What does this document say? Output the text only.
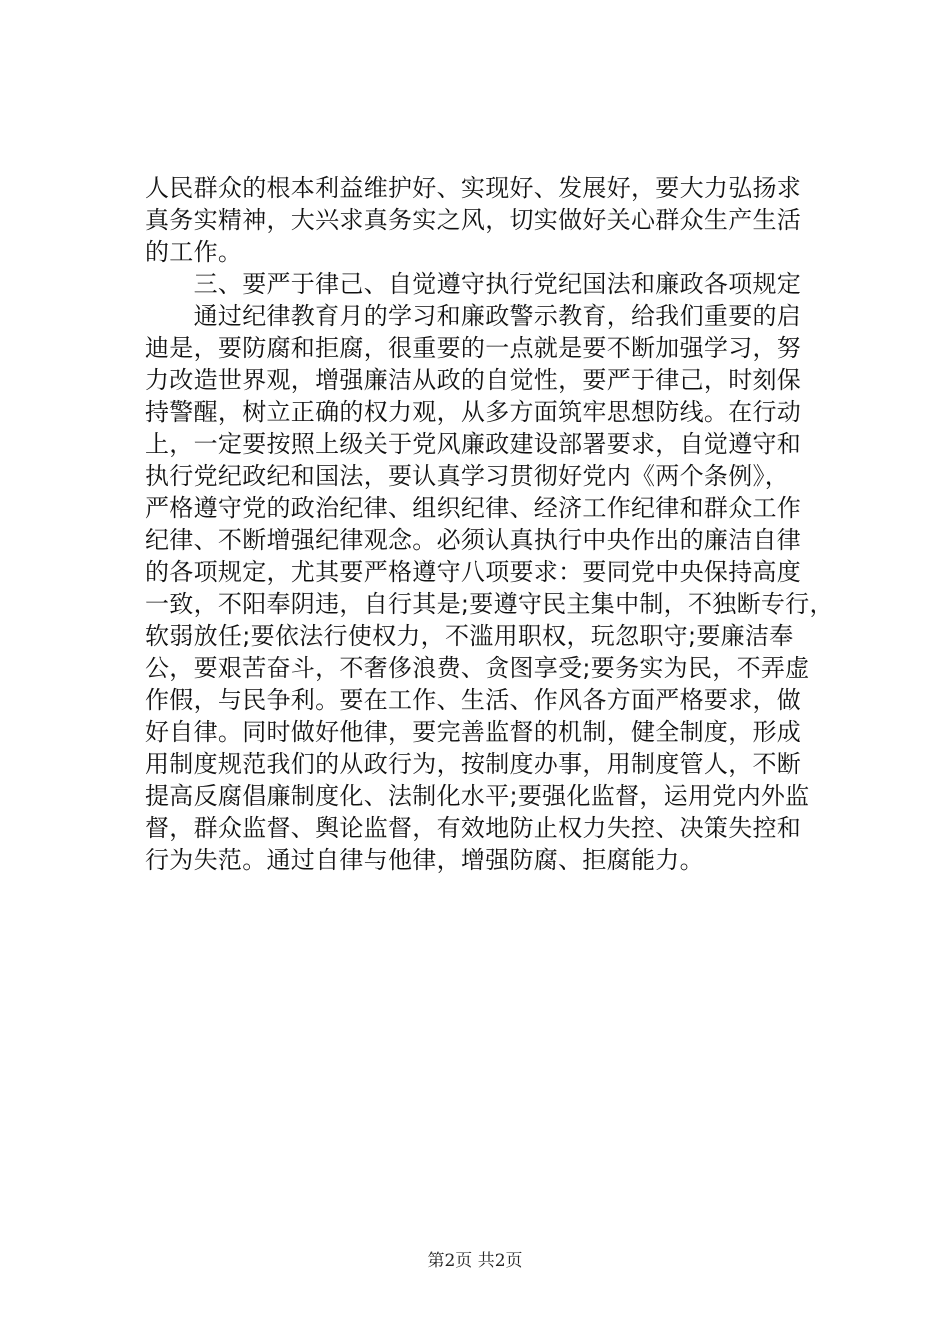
人民群众的根本利益维护好、实现好、发展好，要大力弘扬求
真务实精神，大兴求真务实之风，切实做好关心群众生产生活
的工作。
　　三、要严于律己、自觉遵守执行党纪国法和廉政各项规定
　　通过纪律教育月的学习和廉政警示教育，给我们重要的启
迪是，要防腐和拒腐，很重要的一点就是要不断加强学习，努
力改造世界观，增强廉洁从政的自觉性，要严于律己，时刻保
持警醒，树立正确的权力观，从多方面筑牢思想防线。在行动
上，一定要按照上级关于党风廉政建设部署要求，自觉遵守和
执行党纪政纪和国法，要认真学习贯彻好党内《两个条例》，
严格遵守党的政治纪律、组织纪律、经济工作纪律和群众工作
纪律、不断增强纪律观念。必须认真执行中央作出的廉洁自律
的各项规定，尤其要严格遵守八项要求：要同党中央保持高度
一致，不阳奉阴违，自行其是;要遵守民主集中制，不独断专行，
软弱放任;要依法行使权力，不滥用职权，玩忽职守;要廉洁奉
公，要艰苦奋斗，不奢侈浪费、贪图享受;要务实为民，不弄虚
作假，与民争利。要在工作、生活、作风各方面严格要求，做
好自律。同时做好他律，要完善监督的机制，健全制度，形成
用制度规范我们的从政行为，按制度办事，用制度管人，不断
提高反腐倡廉制度化、法制化水平;要强化监督，运用党内外监
督，群众监督、舆论监督，有效地防止权力失控、决策失控和
行为失范。通过自律与他律，增强防腐、拒腐能力。
第2页 共2页
